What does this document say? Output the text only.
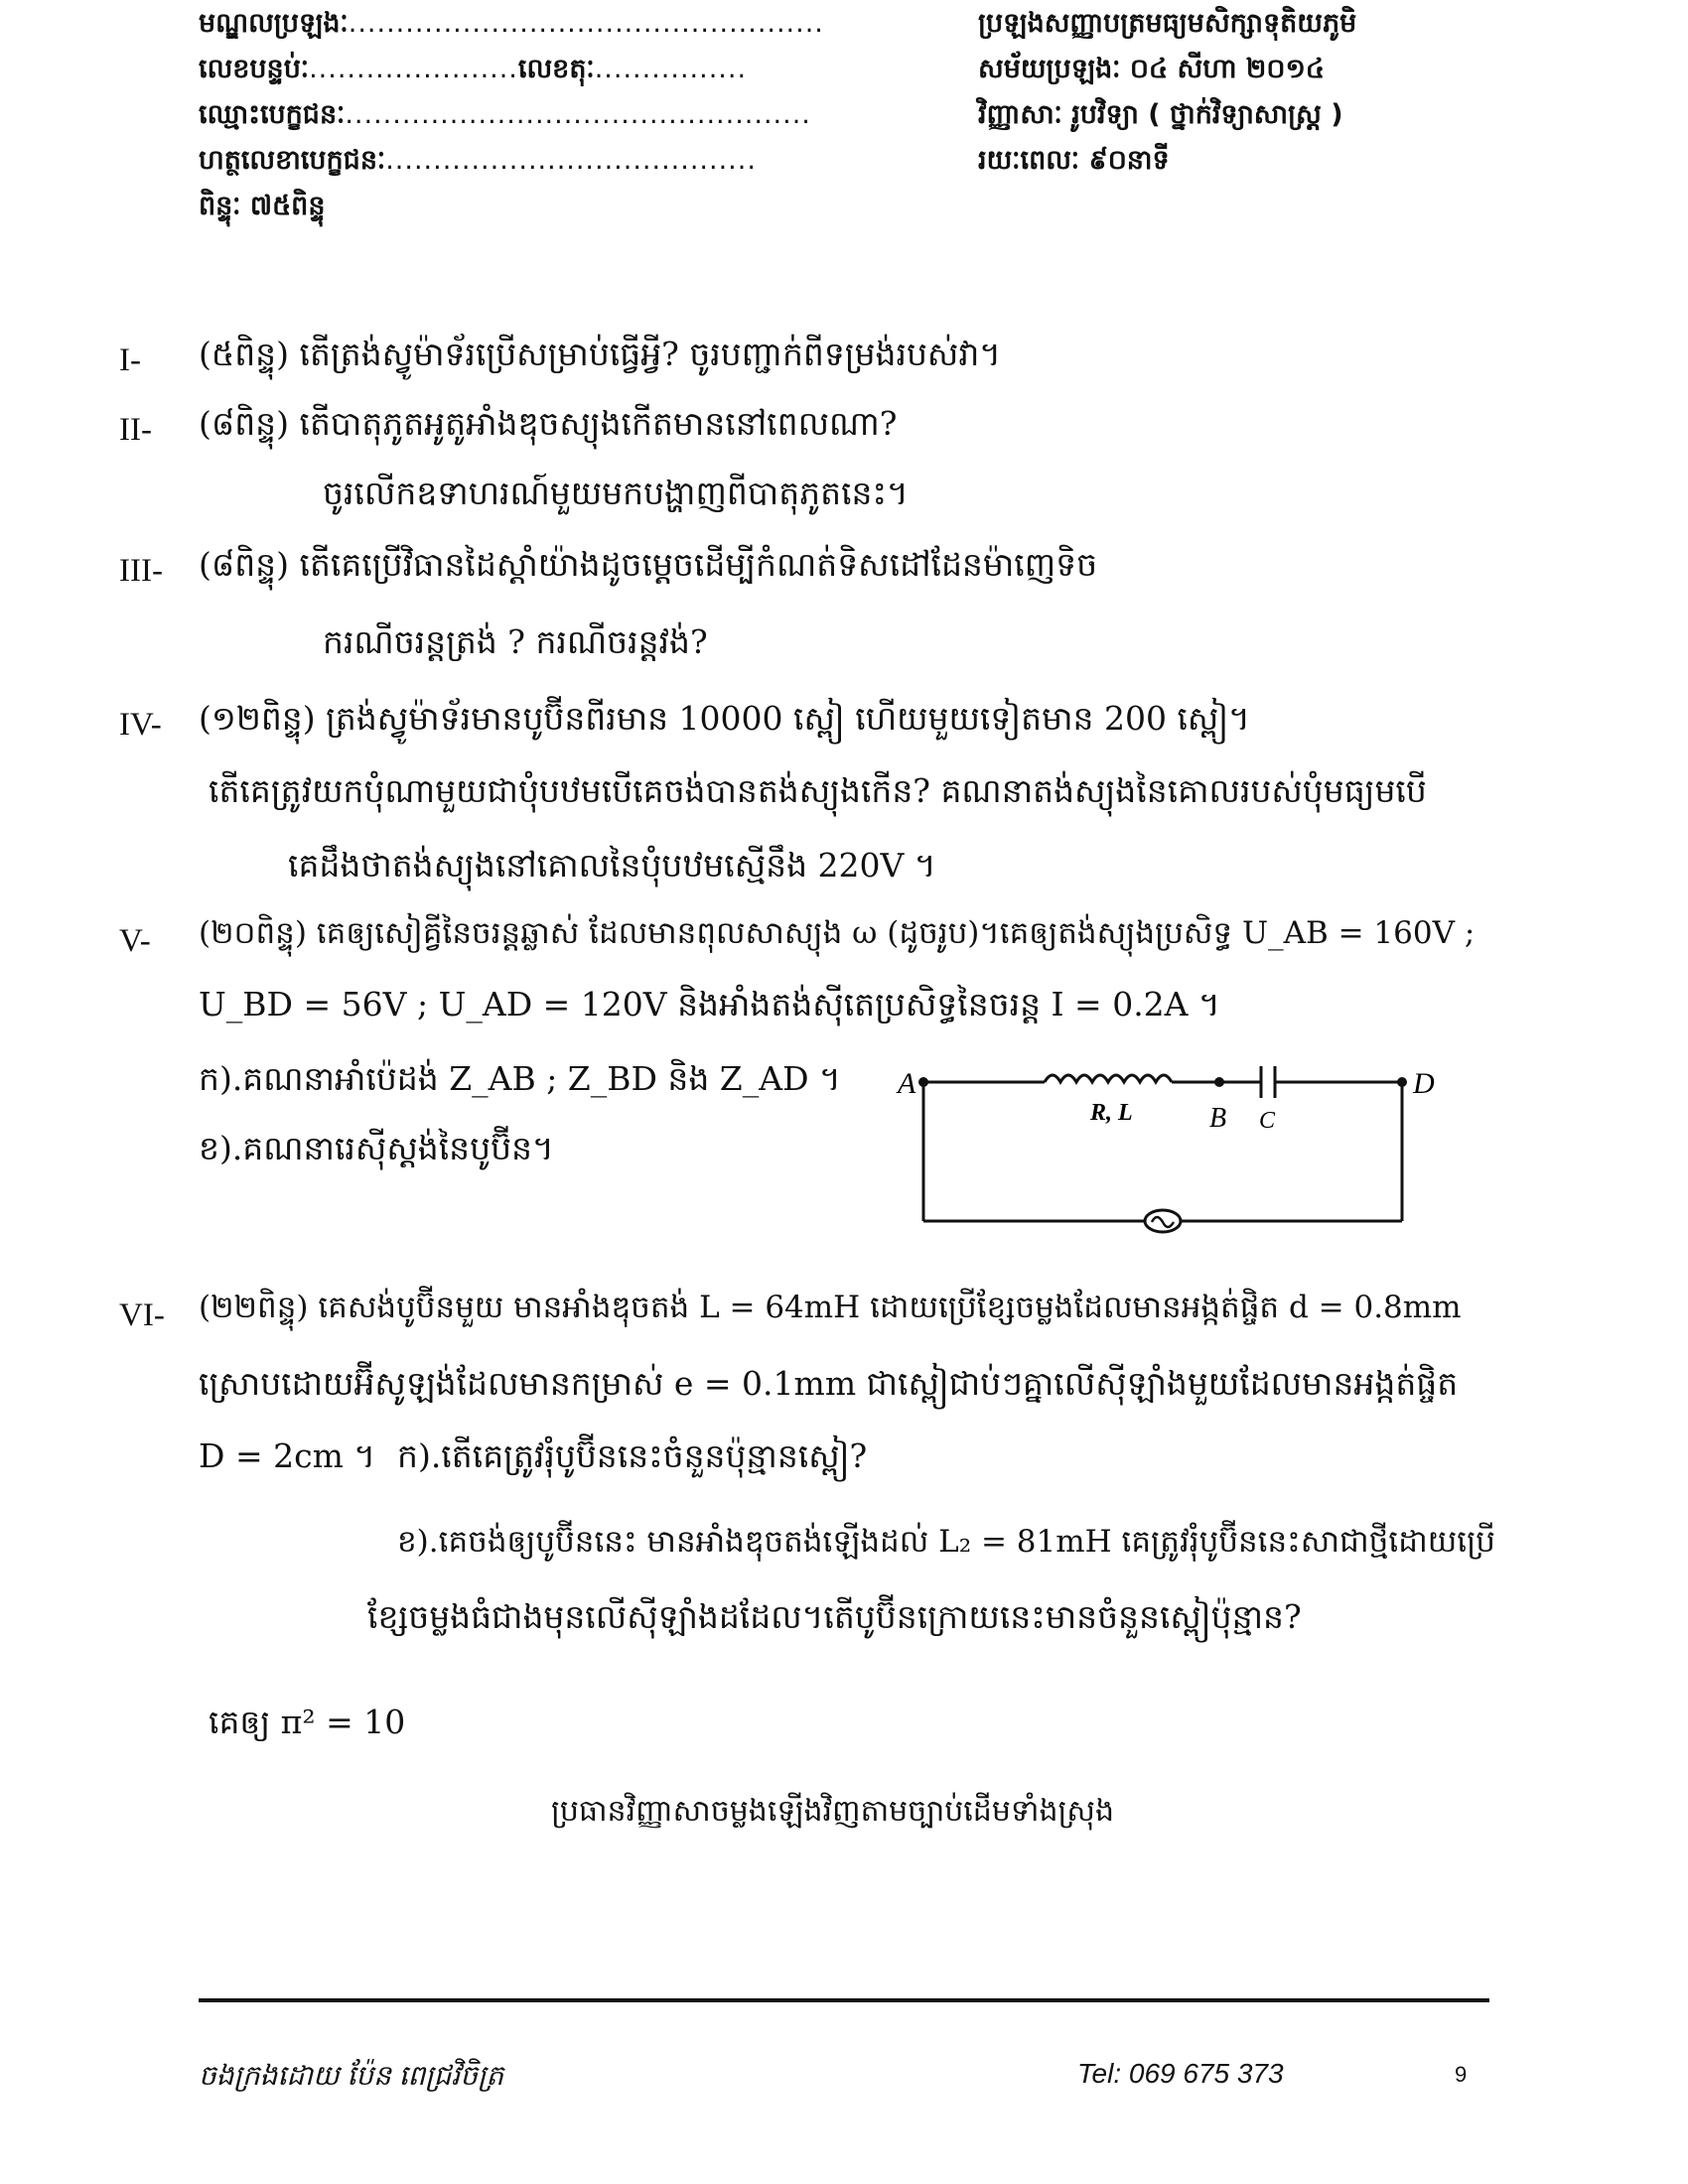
មណ្ឌលប្រឡងៈ ..................................................
លេខបន្ទប់ៈ ...................... លេខតុៈ ................
ឈ្មោះបេក្ខជនៈ .................................................
ហត្ថលេខាបេក្ខជនៈ .......................................
ពិន្ទុៈ ៧៥ពិន្ទុ
ប្រឡងសញ្ញាបត្រមធ្យមសិក្សាទុតិយភូមិ
សម័យប្រឡងៈ ០៤ សីហា ២០១៤
វិញ្ញាសាៈ រូបវិទ្យា ( ថ្នាក់វិទ្យាសាស្ត្រ )
រយៈពេលៈ ៩០នាទី
I- (៥ពិន្ទុ) តើត្រង់ស្វូម៉ាទ័រប្រើសម្រាប់ធ្វើអ្វី? ចូរបញ្ជាក់ពីទម្រង់របស់វា។
II- (៨ពិន្ទុ) តើបាតុភូតអូតូអាំងឌុចស្យុងកើតមាននៅពេលណា?
ចូរលើកឧទាហរណ៍មួយមកបង្ហាញពីបាតុភូតនេះ។
III- (៨ពិន្ទុ) តើគេប្រើវិធានដៃស្តាំយ៉ាងដូចម្តេចដើម្បីកំណត់ទិសដៅដែនម៉ាញេទិច
ករណីចរន្តត្រង់ ? ករណីចរន្តវង់?
IV- (១២ពិន្ទុ) ត្រង់ស្វូម៉ាទ័រមានបូប៊ីនពីរមាន 10000 ស្ពៀ ហើយមួយទៀតមាន 200 ស្ពៀ។
តើគេត្រូវយកបុំណាមួយជាបុំបឋមបើគេចង់បានតង់ស្យុងកើន? គណនាតង់ស្យុងនៃគោលរបស់បុំមធ្យមបើ
គេដឹងថាតង់ស្យុងនៅគោលនៃបុំបឋមស្មើនឹង 220V ។
V- (២០ពិន្ទុ) គេឲ្យសៀគ្វីនៃចរន្តឆ្លាស់ ដែលមានពុលសាស្យុង ω (ដូចរូប)។គេឲ្យតង់ស្យុងប្រសិទ្ធ U_AB = 160V ;
U_BD = 56V ; U_AD = 120V និងអាំងតង់ស៊ីតេប្រសិទ្ធនៃចរន្ត I = 0.2A ។
ក).គណនាអាំប៉េដង់ Z_AB ; Z_BD និង Z_AD ។
ខ).គណនារេស៊ីស្តង់នៃបូប៊ីន។
A
B
D
C
R, L
VI- (២២ពិន្ទុ) គេសង់បូប៊ីនមួយ មានអាំងឌុចតង់ L = 64mH ដោយប្រើខ្សែចម្លងដែលមានអង្កត់ផ្ចិត d = 0.8mm
ស្រោបដោយអ៊ីសូឡង់ដែលមានកម្រាស់ e = 0.1mm ជាស្ពៀជាប់ៗគ្នាលើស៊ីឡាំងមួយដែលមានអង្កត់ផ្ចិត
D = 2cm ។ ក).តើគេត្រូវរុំបូប៊ីននេះចំនួនប៉ុន្មានស្ពៀ?
ខ).គេចង់ឲ្យបូប៊ីននេះ មានអាំងឌុចតង់ឡើងដល់ L₂ = 81mH គេត្រូវរុំបូប៊ីននេះសាជាថ្មីដោយប្រើ
ខ្សែចម្លងធំជាងមុនលើស៊ីឡាំងដដែល។តើបូប៊ីនក្រោយនេះមានចំនួនស្ពៀប៉ុន្មាន?
គេឲ្យ π² = 10
ប្រធានវិញ្ញាសាចម្លងឡើងវិញតាមច្បាប់ដើមទាំងស្រុង
ចងក្រងដោយ ប៉ែន ពេជ្រវិចិត្រ	Tel: 069 675 373	9
